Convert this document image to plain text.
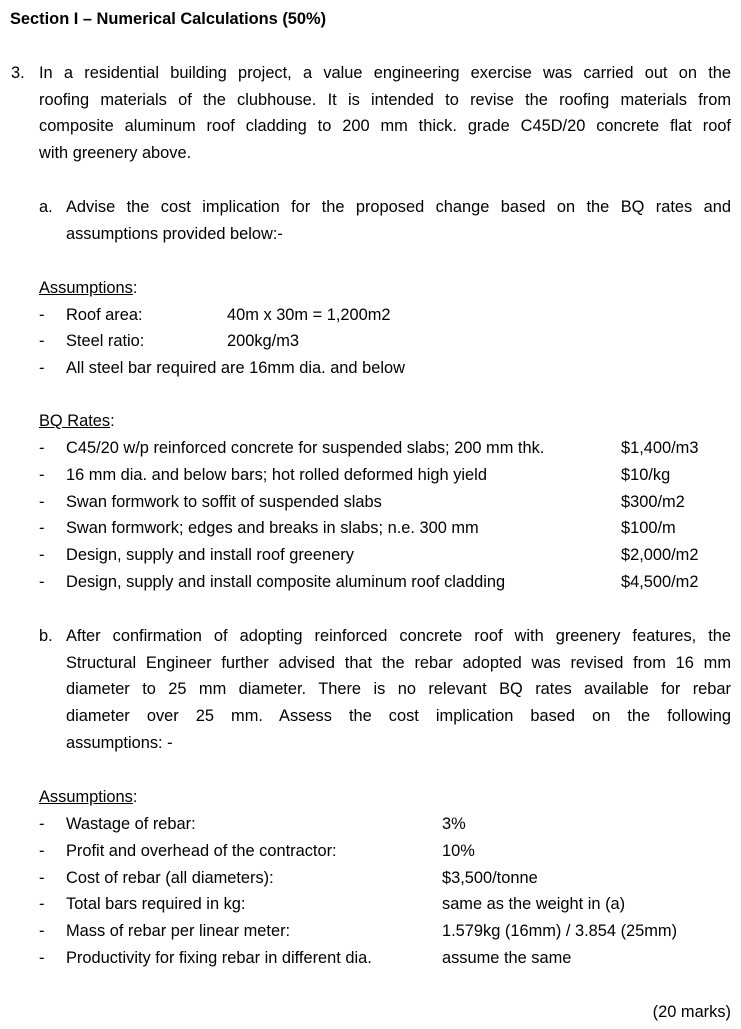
Section I – Numerical Calculations (50%)
3. In a residential building project, a value engineering exercise was carried out on the
roofing materials of the clubhouse. It is intended to revise the roofing materials from
composite aluminum roof cladding to 200 mm thick. grade C45D/20 concrete flat roof
with greenery above.
a. Advise the cost implication for the proposed change based on the BQ rates and
assumptions provided below:-
Assumptions:
- Roof area:	40m x 30m = 1,200m2
- Steel ratio:	200kg/m3
- All steel bar required are 16mm dia. and below
BQ Rates:
- C45/20 w/p reinforced concrete for suspended slabs; 200 mm thk.	$1,400/m3
- 16 mm dia. and below bars; hot rolled deformed high yield	$10/kg
- Swan formwork to soffit of suspended slabs	$300/m2
- Swan formwork; edges and breaks in slabs; n.e. 300 mm	$100/m
- Design, supply and install roof greenery	$2,000/m2
- Design, supply and install composite aluminum roof cladding	$4,500/m2
b. After confirmation of adopting reinforced concrete roof with greenery features, the
Structural Engineer further advised that the rebar adopted was revised from 16 mm
diameter to 25 mm diameter. There is no relevant BQ rates available for rebar
diameter over 25 mm. Assess the cost implication based on the following
assumptions: -
Assumptions:
- Wastage of rebar:	3%
- Profit and overhead of the contractor:	10%
- Cost of rebar (all diameters):	$3,500/tonne
- Total bars required in kg:	same as the weight in (a)
- Mass of rebar per linear meter:	1.579kg (16mm) / 3.854 (25mm)
- Productivity for fixing rebar in different dia.	assume the same
(20 marks)
